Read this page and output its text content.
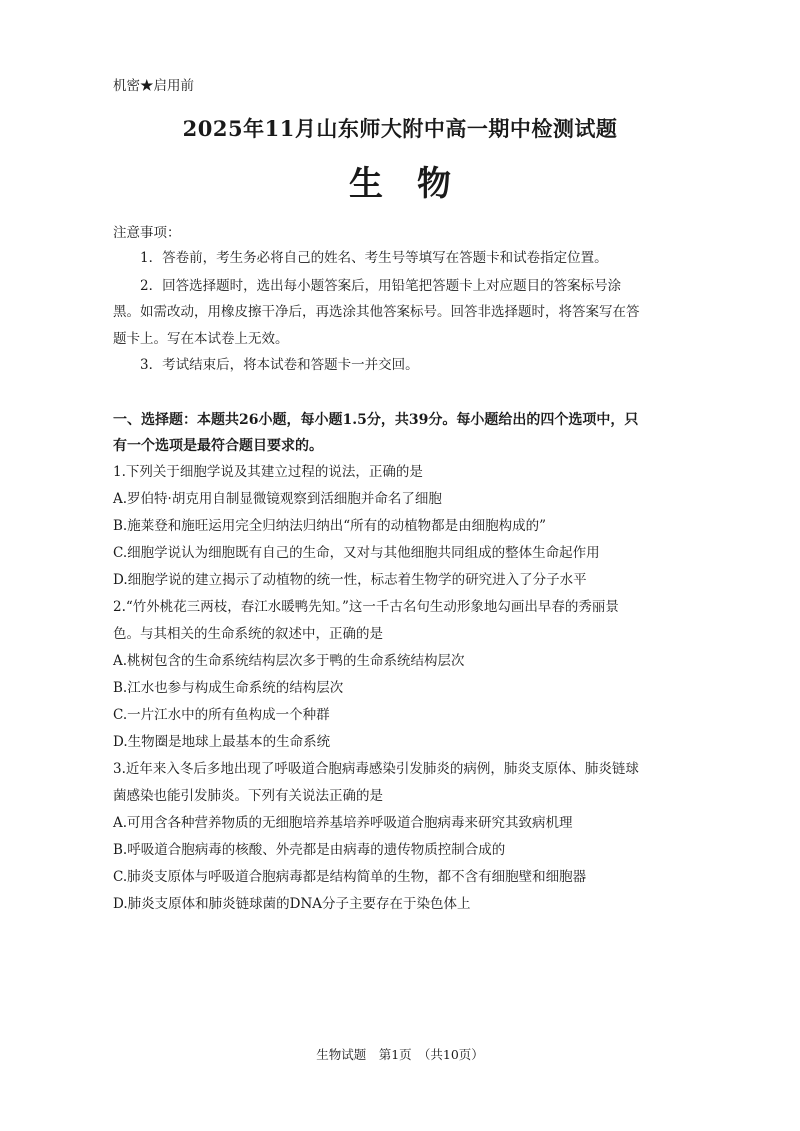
机密★启用前
2025年11月山东师大附中高一期中检测试题
生　物
注意事项：
1．答卷前，考生务必将自己的姓名、考生号等填写在答题卡和试卷指定位置。
2．回答选择题时，选出每小题答案后，用铅笔把答题卡上对应题目的答案标号涂
黑。如需改动，用橡皮擦干净后，再选涂其他答案标号。回答非选择题时，将答案写在答
题卡上。写在本试卷上无效。
3．考试结束后，将本试卷和答题卡一并交回。
一、选择题：本题共26小题，每小题1.5分，共39分。每小题给出的四个选项中，只
有一个选项是最符合题目要求的。
1.下列关于细胞学说及其建立过程的说法，正确的是
A.罗伯特·胡克用自制显微镜观察到活细胞并命名了细胞
B.施莱登和施旺运用完全归纳法归纳出“所有的动植物都是由细胞构成的”
C.细胞学说认为细胞既有自己的生命，又对与其他细胞共同组成的整体生命起作用
D.细胞学说的建立揭示了动植物的统一性，标志着生物学的研究进入了分子水平
2.“竹外桃花三两枝，春江水暖鸭先知。”这一千古名句生动形象地勾画出早春的秀丽景
色。与其相关的生命系统的叙述中，正确的是
A.桃树包含的生命系统结构层次多于鸭的生命系统结构层次
B.江水也参与构成生命系统的结构层次
C.一片江水中的所有鱼构成一个种群
D.生物圈是地球上最基本的生命系统
3.近年来入冬后多地出现了呼吸道合胞病毒感染引发肺炎的病例，肺炎支原体、肺炎链球
菌感染也能引发肺炎。下列有关说法正确的是
A.可用含各种营养物质的无细胞培养基培养呼吸道合胞病毒来研究其致病机理
B.呼吸道合胞病毒的核酸、外壳都是由病毒的遗传物质控制合成的
C.肺炎支原体与呼吸道合胞病毒都是结构简单的生物，都不含有细胞壁和细胞器
D.肺炎支原体和肺炎链球菌的DNA分子主要存在于染色体上
生物试题　第1页　（共10页）
